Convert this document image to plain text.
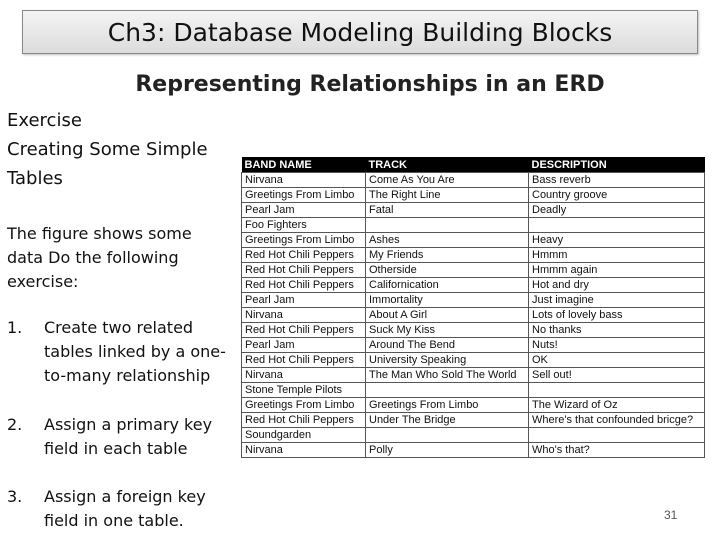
Ch3: Database Modeling Building Blocks
Representing Relationships in an ERD
Exercise
Creating Some Simple
Tables
The figure shows some data Do the following exercise:
1. Create two related tables linked by a one-to-many relationship
2. Assign a primary key field in each table
3. Assign a foreign key field in one table.
BAND NAME	TRACK	DESCRIPTION
Nirvana	Come As You Are	Bass reverb
Greetings From Limbo	The Right Line	Country groove
Pearl Jam	Fatal	Deadly
Foo Fighters		
Greetings From Limbo	Ashes	Heavy
Red Hot Chili Peppers	My Friends	Hmmm
Red Hot Chili Peppers	Otherside	Hmmm again
Red Hot Chili Peppers	Californication	Hot and dry
Pearl Jam	Immortality	Just imagine
Nirvana	About A Girl	Lots of lovely bass
Red Hot Chili Peppers	Suck My Kiss	No thanks
Pearl Jam	Around The Bend	Nuts!
Red Hot Chili Peppers	University Speaking	OK
Nirvana	The Man Who Sold The World	Sell out!
Stone Temple Pilots		
Greetings From Limbo	Greetings From Limbo	The Wizard of Oz
Red Hot Chili Peppers	Under The Bridge	Where's that confounded bricge?
Soundgarden		
Nirvana	Polly	Who's that?
31
